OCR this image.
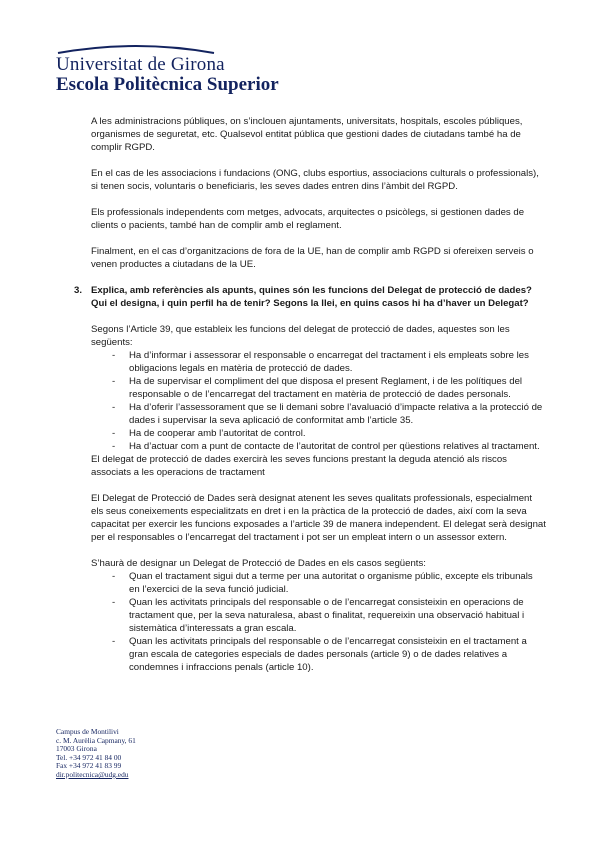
Universitat de Girona
Escola Politècnica Superior

A les administracions públiques, on s’inclouen ajuntaments, universitats, hospitals, escoles públiques, organismes de seguretat, etc. Qualsevol entitat pública que gestioni dades de ciutadans també ha de complir RGPD.

En el cas de les associacions i fundacions (ONG, clubs esportius, associacions culturals o professionals), si tenen socis, voluntaris o beneficiaris, les seves dades entren dins l’àmbit del RGPD.

Els professionals independents com metges, advocats, arquitectes o psicòlegs, si gestionen dades de clients o pacients, també han de complir amb el reglament.

Finalment, en el cas d’organitzacions de fora de la UE, han de complir amb RGPD si ofereixen serveis o venen productes a ciutadans de la UE.

3. Explica, amb referències als apunts, quines són les funcions del Delegat de protecció de dades? Qui el designa, i quin perfil ha de tenir? Segons la llei, en quins casos hi ha d’haver un Delegat?

Segons l’Article 39, que estableix les funcions del delegat de protecció de dades, aquestes son les següents:

- Ha d’informar i assessorar el responsable o encarregat del tractament i els empleats sobre les obligacions legals en matèria de protecció de dades.
- Ha de supervisar el compliment del que disposa el present Reglament, i de les polítiques del responsable o de l’encarregat del tractament en matèria de protecció de dades personals.
- Ha d’oferir l’assessorament que se li demani sobre l’avaluació d’impacte relativa a la protecció de dades i supervisar la seva aplicació de conformitat amb l’article 35.
- Ha de cooperar amb l’autoritat de control.
- Ha d’actuar com a punt de contacte de l’autoritat de control per qüestions relatives al tractament.

El delegat de protecció de dades exercirà les seves funcions prestant la deguda atenció als riscos associats a les operacions de tractament

El Delegat de Protecció de Dades serà designat atenent les seves qualitats professionals, especialment els seus coneixements especialitzats en dret i en la pràctica de la protecció de dades, així com la seva capacitat per exercir les funcions exposades a l’article 39 de manera independent. El delegat serà designat per el responsables o l’encarregat del tractament i pot ser un empleat intern o un assessor extern.

S’haurà de designar un Delegat de Protecció de Dades en els casos següents:

- Quan el tractament sigui dut a terme per una autoritat o organisme públic, excepte els tribunals en l’exercici de la seva funció judicial.
- Quan les activitats principals del responsable o de l’encarregat consisteixin en operacions de tractament que, per la seva naturalesa, abast o finalitat, requereixin una observació habitual i sistemàtica d’interessats a gran escala.
- Quan les activitats principals del responsable o de l’encarregat consisteixin en el tractament a gran escala de categories especials de dades personals (article 9) o de dades relatives a condemnes i infraccions penals (article 10).
Campus de Montilivi
c. M. Aurèlia Capmany, 61
17003 Girona
Tel. +34 972 41 84 00
Fax +34 972 41 83 99
dir.politecnica@udg.edu
